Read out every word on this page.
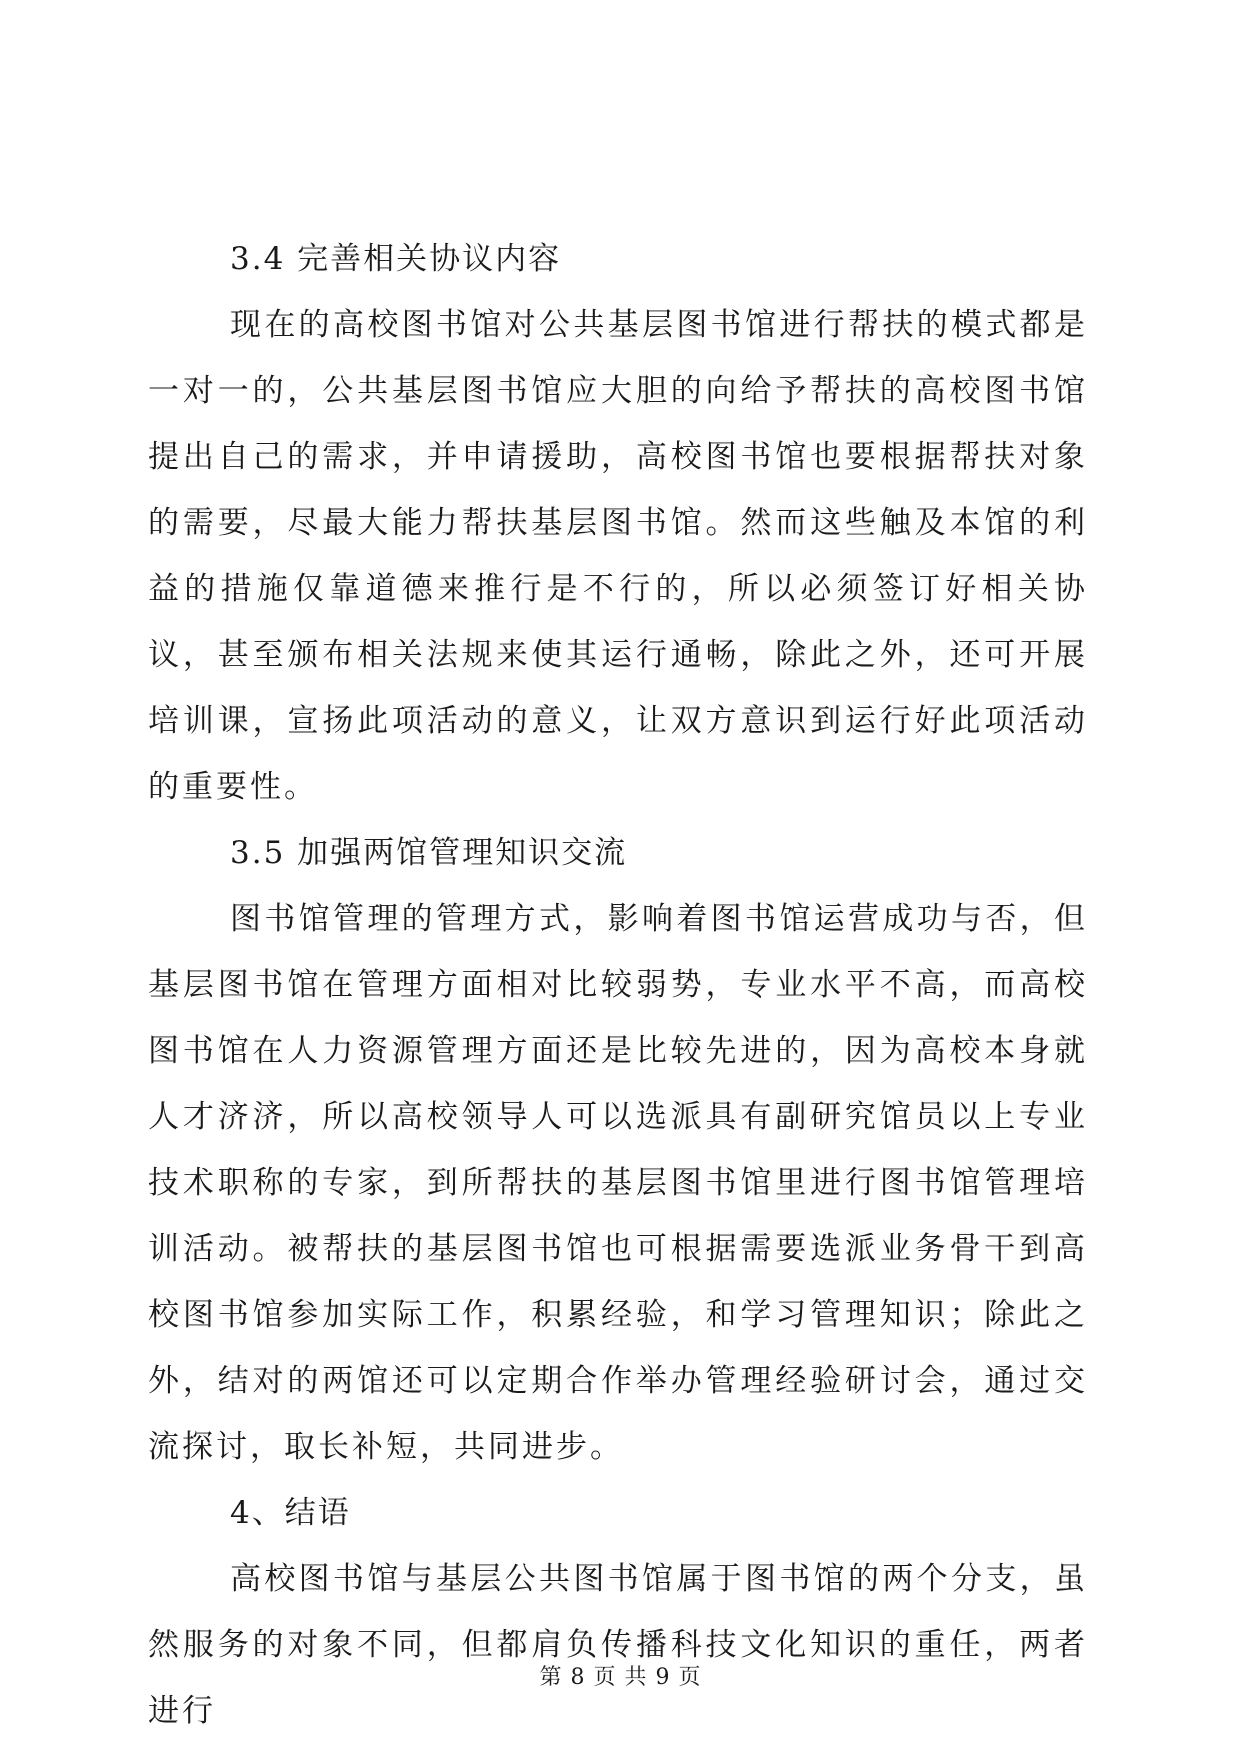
3.4 完善相关协议内容

现在的高校图书馆对公共基层图书馆进行帮扶的模式都是一对一的，公共基层图书馆应大胆的向给予帮扶的高校图书馆提出自己的需求，并申请援助，高校图书馆也要根据帮扶对象的需要，尽最大能力帮扶基层图书馆。然而这些触及本馆的利益的措施仅靠道德来推行是不行的，所以必须签订好相关协议，甚至颁布相关法规来使其运行通畅，除此之外，还可开展培训课，宣扬此项活动的意义，让双方意识到运行好此项活动的重要性。

3.5 加强两馆管理知识交流

图书馆管理的管理方式，影响着图书馆运营成功与否，但基层图书馆在管理方面相对比较弱势，专业水平不高，而高校图书馆在人力资源管理方面还是比较先进的，因为高校本身就人才济济，所以高校领导人可以选派具有副研究馆员以上专业技术职称的专家，到所帮扶的基层图书馆里进行图书馆管理培训活动。被帮扶的基层图书馆也可根据需要选派业务骨干到高校图书馆参加实际工作，积累经验，和学习管理知识；除此之外，结对的两馆还可以定期合作举办管理经验研讨会，通过交流探讨，取长补短，共同进步。

4、结语

高校图书馆与基层公共图书馆属于图书馆的两个分支，虽然服务的对象不同，但都肩负传播科技文化知识的重任，两者进行

第 8 页 共 9 页
